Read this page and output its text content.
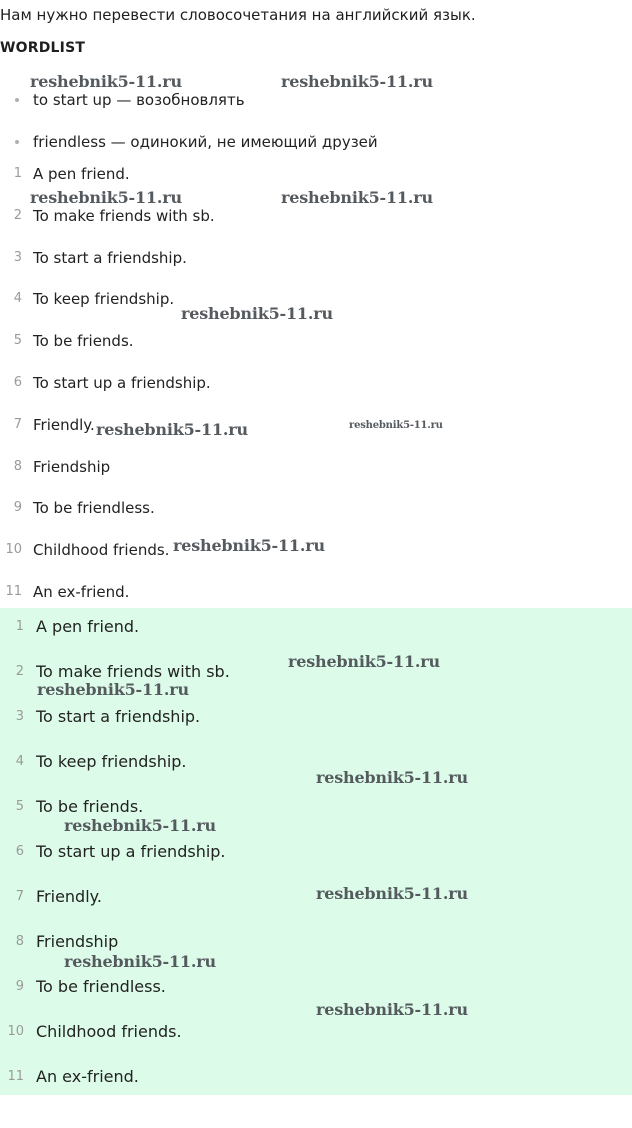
Нам нужно перевести словосочетания на английский язык.
WORDLIST
to start up — возобновлять
friendless — одинокий, не имеющий друзей
1 A pen friend.
2 To make friends with sb.
3 To start a friendship.
4 To keep friendship.
5 To be friends.
6 To start up a friendship.
7 Friendly.
8 Friendship
9 To be friendless.
10 Childhood friends.
11 An ex-friend.
1 A pen friend.
2 To make friends with sb.
3 To start a friendship.
4 To keep friendship.
5 To be friends.
6 To start up a friendship.
7 Friendly.
8 Friendship
9 To be friendless.
10 Childhood friends.
11 An ex-friend.
reshebnik5-11.ru	reshebnik5-11.ru
reshebnik5-11.ru	reshebnik5-11.ru
reshebnik5-11.ru
reshebnik5-11.ru	reshebnik5-11.ru
reshebnik5-11.ru
reshebnik5-11.ru
reshebnik5-11.ru
reshebnik5-11.ru
reshebnik5-11.ru
reshebnik5-11.ru
reshebnik5-11.ru
reshebnik5-11.ru
